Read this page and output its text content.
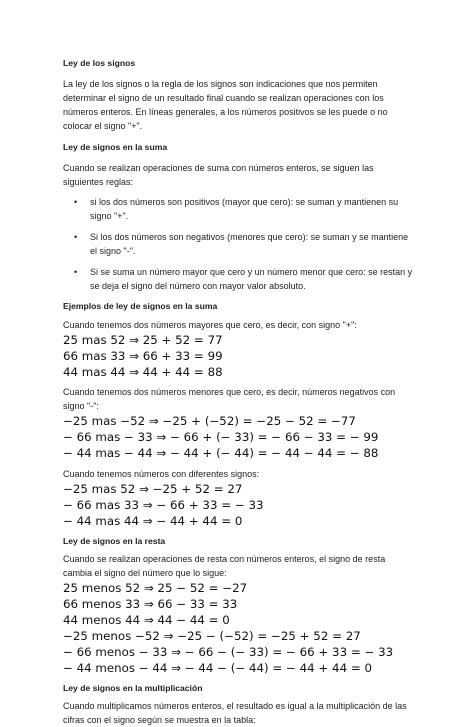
Ley de los signos
La ley de los signos o la regla de los signos son indicaciones que nos permiten determinar el signo de un resultado final cuando se realizan operaciones con los números enteros. En líneas generales, a los números positivos se les puede o no colocar el signo "+".
Ley de signos en la suma
Cuando se realizan operaciones de suma con números enteros, se siguen las siguientes reglas:
• si los dos números son positivos (mayor que cero): se suman y mantienen su signo "+".
• Si los dos números son negativos (menores que cero): se suman y se mantiene el signo "-".
• Si se suma un número mayor que cero y un número menor que cero: se restan y se deja el signo del número con mayor valor absoluto.
Ejemplos de ley de signos en la suma
Cuando tenemos dos números mayores que cero, es decir, con signo "+":
25 mas 52 ⇒ 25 + 52 = 77
66 mas 33 ⇒ 66 + 33 = 99
44 mas 44 ⇒ 44 + 44 = 88
Cuando tenemos dos números menores que cero, es decir, números negativos con signo "-":
−25 mas −52 ⇒ −25 + (−52) = −25 − 52 = −77
− 66 mas − 33 ⇒ − 66 + (− 33) = − 66 − 33 = − 99
− 44 mas − 44 ⇒ − 44 + (− 44) = − 44 − 44 = − 88
Cuando tenemos números con diferentes signos:
−25 mas 52 ⇒ −25 + 52 = 27
− 66 mas 33 ⇒ − 66 + 33 = − 33
− 44 mas 44 ⇒ − 44 + 44 = 0
Ley de signos en la resta
Cuando se realizan operaciones de resta con números enteros, el signo de resta cambia el signo del número que lo sigue:
25 menos 52 ⇒ 25 − 52 = −27
66 menos 33 ⇒ 66 − 33 = 33
44 menos 44 ⇒ 44 − 44 = 0
−25 menos −52 ⇒ −25 − (−52) = −25 + 52 = 27
− 66 menos − 33 ⇒ − 66 − (− 33) = − 66 + 33 = − 33
− 44 menos − 44 ⇒ − 44 − (− 44) = − 44 + 44 = 0
Ley de signos en la multiplicación
Cuando multiplicamos números enteros, el resultado es igual a la multiplicación de las cifras con el signo según se muestra en la tabla:
